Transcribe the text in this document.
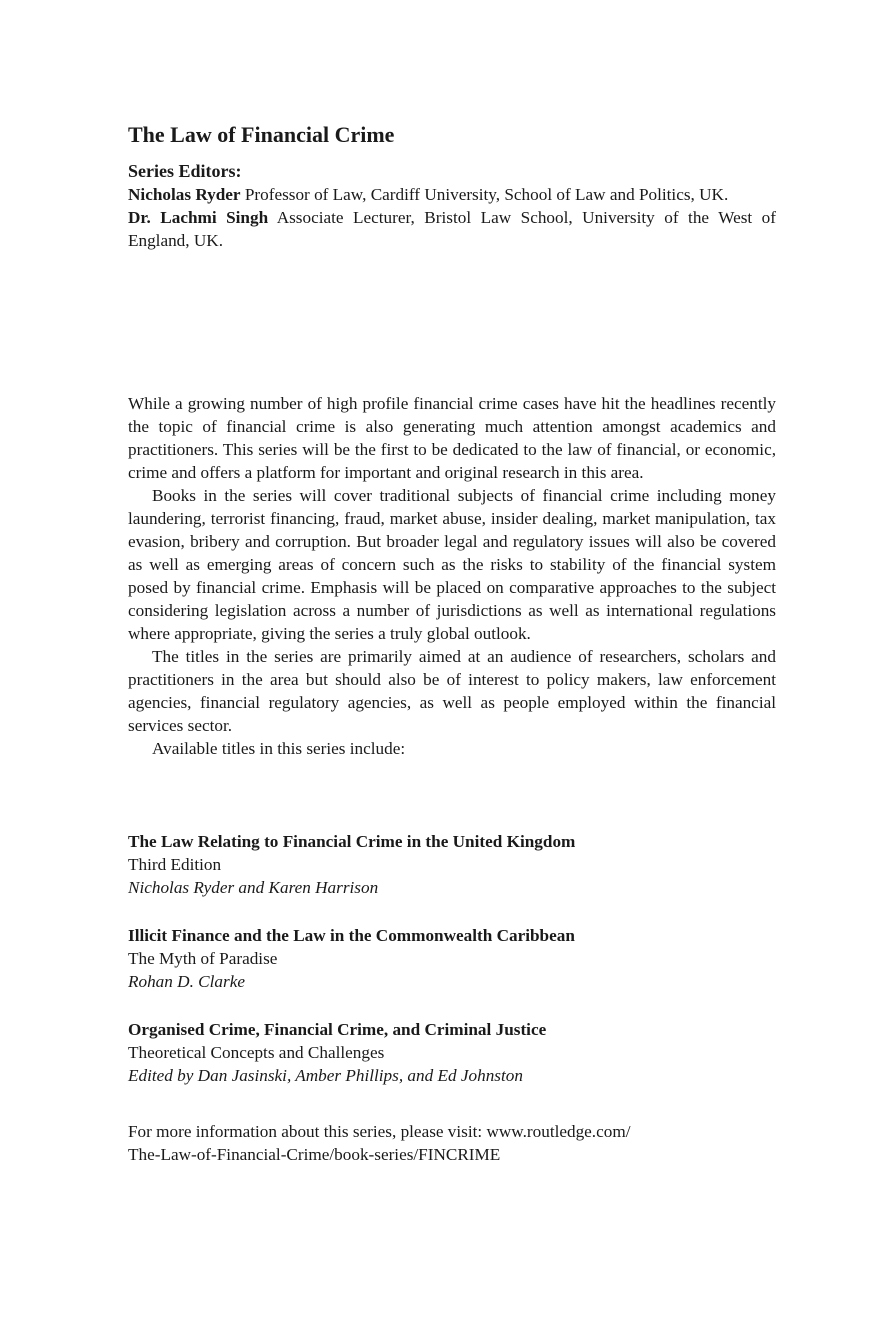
The Law of Financial Crime

Series Editors:

Nicholas Ryder Professor of Law, Cardiff University, School of Law and Politics, UK.

Dr. Lachmi Singh Associate Lecturer, Bristol Law School, University of the West of England, UK.

While a growing number of high profile financial crime cases have hit the headlines recently the topic of financial crime is also generating much attention amongst academics and practitioners. This series will be the first to be dedicated to the law of financial, or economic, crime and offers a platform for important and original research in this area.

Books in the series will cover traditional subjects of financial crime including money laundering, terrorist financing, fraud, market abuse, insider dealing, market manipulation, tax evasion, bribery and corruption. But broader legal and regulatory issues will also be covered as well as emerging areas of concern such as the risks to stability of the financial system posed by financial crime. Emphasis will be placed on comparative approaches to the subject considering legislation across a number of jurisdictions as well as international regulations where appropriate, giving the series a truly global outlook.

The titles in the series are primarily aimed at an audience of researchers, scholars and practitioners in the area but should also be of interest to policy makers, law enforcement agencies, financial regulatory agencies, as well as people employed within the financial services sector.

Available titles in this series include:

The Law Relating to Financial Crime in the United Kingdom

Third Edition

Nicholas Ryder and Karen Harrison

Illicit Finance and the Law in the Commonwealth Caribbean

The Myth of Paradise

Rohan D. Clarke

Organised Crime, Financial Crime, and Criminal Justice

Theoretical Concepts and Challenges

Edited by Dan Jasinski, Amber Phillips, and Ed Johnston

For more information about this series, please visit: www.routledge.com/
The-Law-of-Financial-Crime/book-series/FINCRIME
